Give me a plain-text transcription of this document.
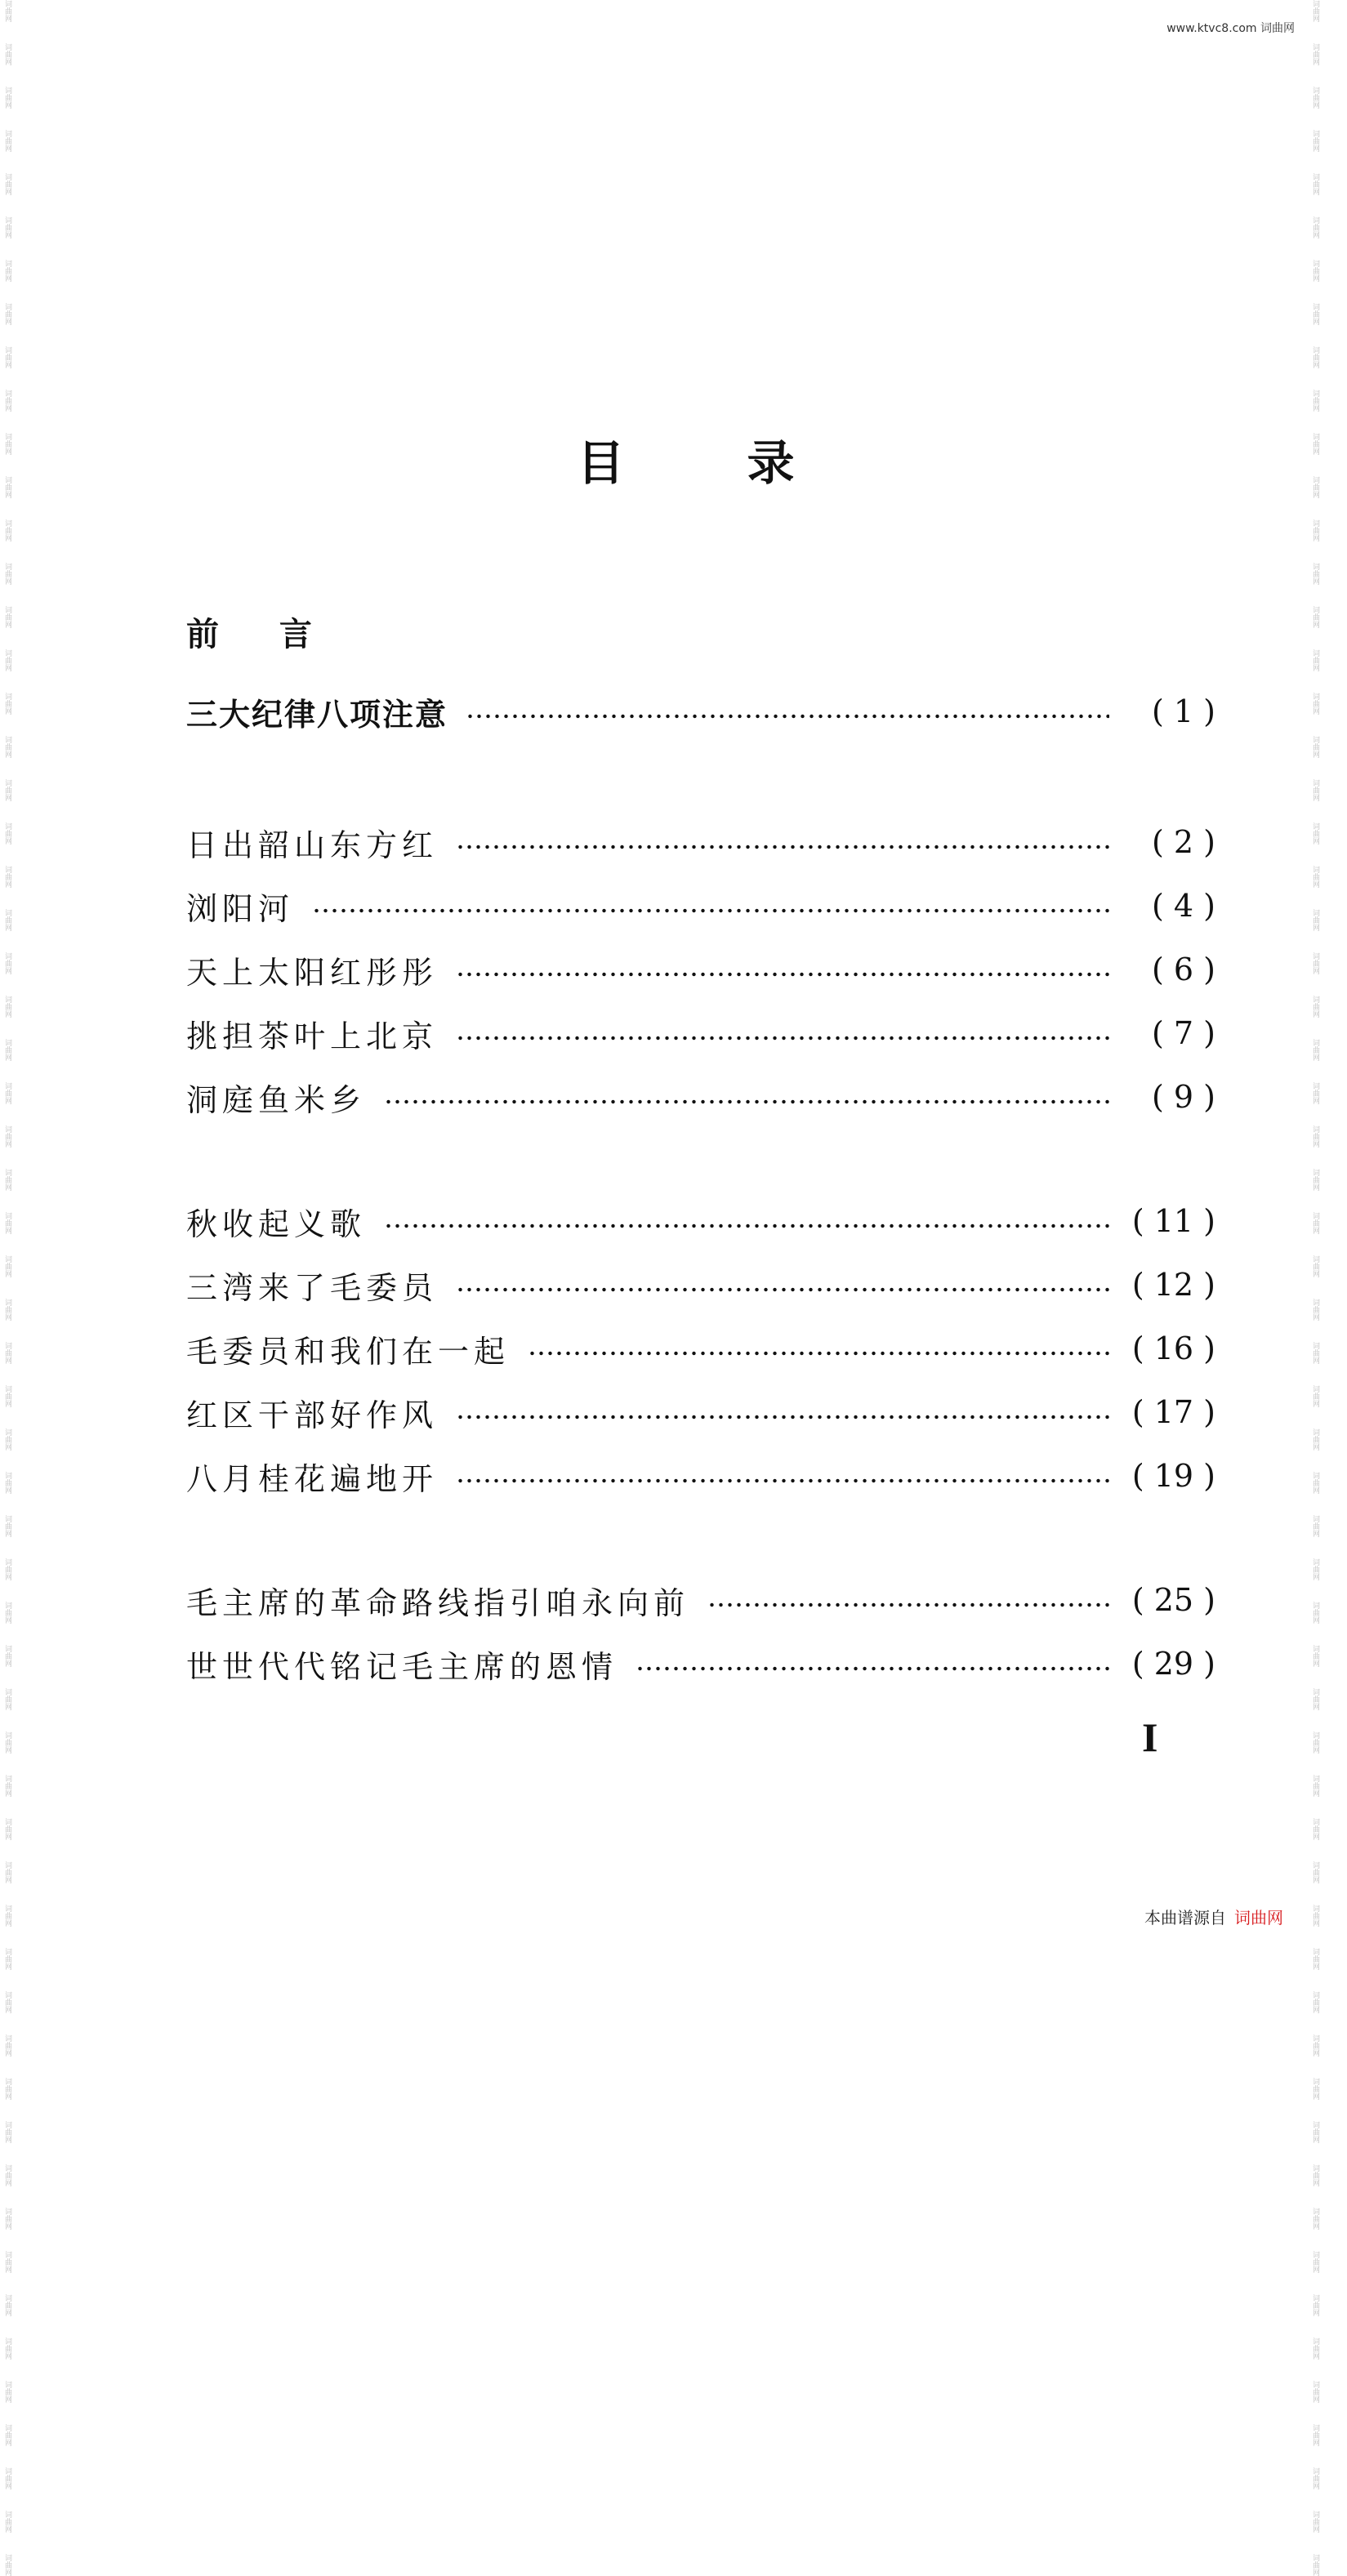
词曲网
词曲网
词曲网
词曲网
词曲网
词曲网
词曲网
词曲网
词曲网
词曲网
词曲网
词曲网
词曲网
词曲网
词曲网
词曲网
词曲网
词曲网
词曲网
词曲网
词曲网
词曲网
词曲网
词曲网
词曲网
词曲网
词曲网
词曲网
词曲网
词曲网
词曲网
词曲网
词曲网
词曲网
词曲网
词曲网
词曲网
词曲网
词曲网
词曲网
词曲网
词曲网
词曲网
词曲网
词曲网
词曲网
词曲网
词曲网
词曲网
词曲网
词曲网
词曲网
词曲网
词曲网
词曲网
词曲网
词曲网
词曲网
词曲网
词曲网
词曲网
词曲网
词曲网
词曲网
词曲网
词曲网
词曲网
词曲网
词曲网
词曲网
词曲网
词曲网
词曲网
词曲网
词曲网
词曲网
词曲网
词曲网
词曲网
词曲网
词曲网
词曲网
词曲网
词曲网
词曲网
词曲网
词曲网
词曲网
词曲网
词曲网
词曲网
词曲网
词曲网
词曲网
词曲网
词曲网
词曲网
词曲网
词曲网
词曲网
词曲网
词曲网
词曲网
词曲网
词曲网
词曲网
词曲网
词曲网
词曲网
词曲网
词曲网
词曲网
词曲网
词曲网
词曲网
词曲网
词曲网
词曲网
词曲网
词曲网
www.ktvc8.com 词曲网
目	录
前 言
三大纪律八项注意	( 1 )
日出韶山东方红	( 2 )
浏阳河	( 4 )
天上太阳红彤彤	( 6 )
挑担茶叶上北京	( 7 )
洞庭鱼米乡	( 9 )
秋收起义歌	( 11 )
三湾来了毛委员	( 12 )
毛委员和我们在一起	( 16 )
红区干部好作风	( 17 )
八月桂花遍地开	( 19 )
毛主席的革命路线指引咱永向前	( 25 )
世世代代铭记毛主席的恩情	( 29 )
I
本曲谱源自 词曲网
